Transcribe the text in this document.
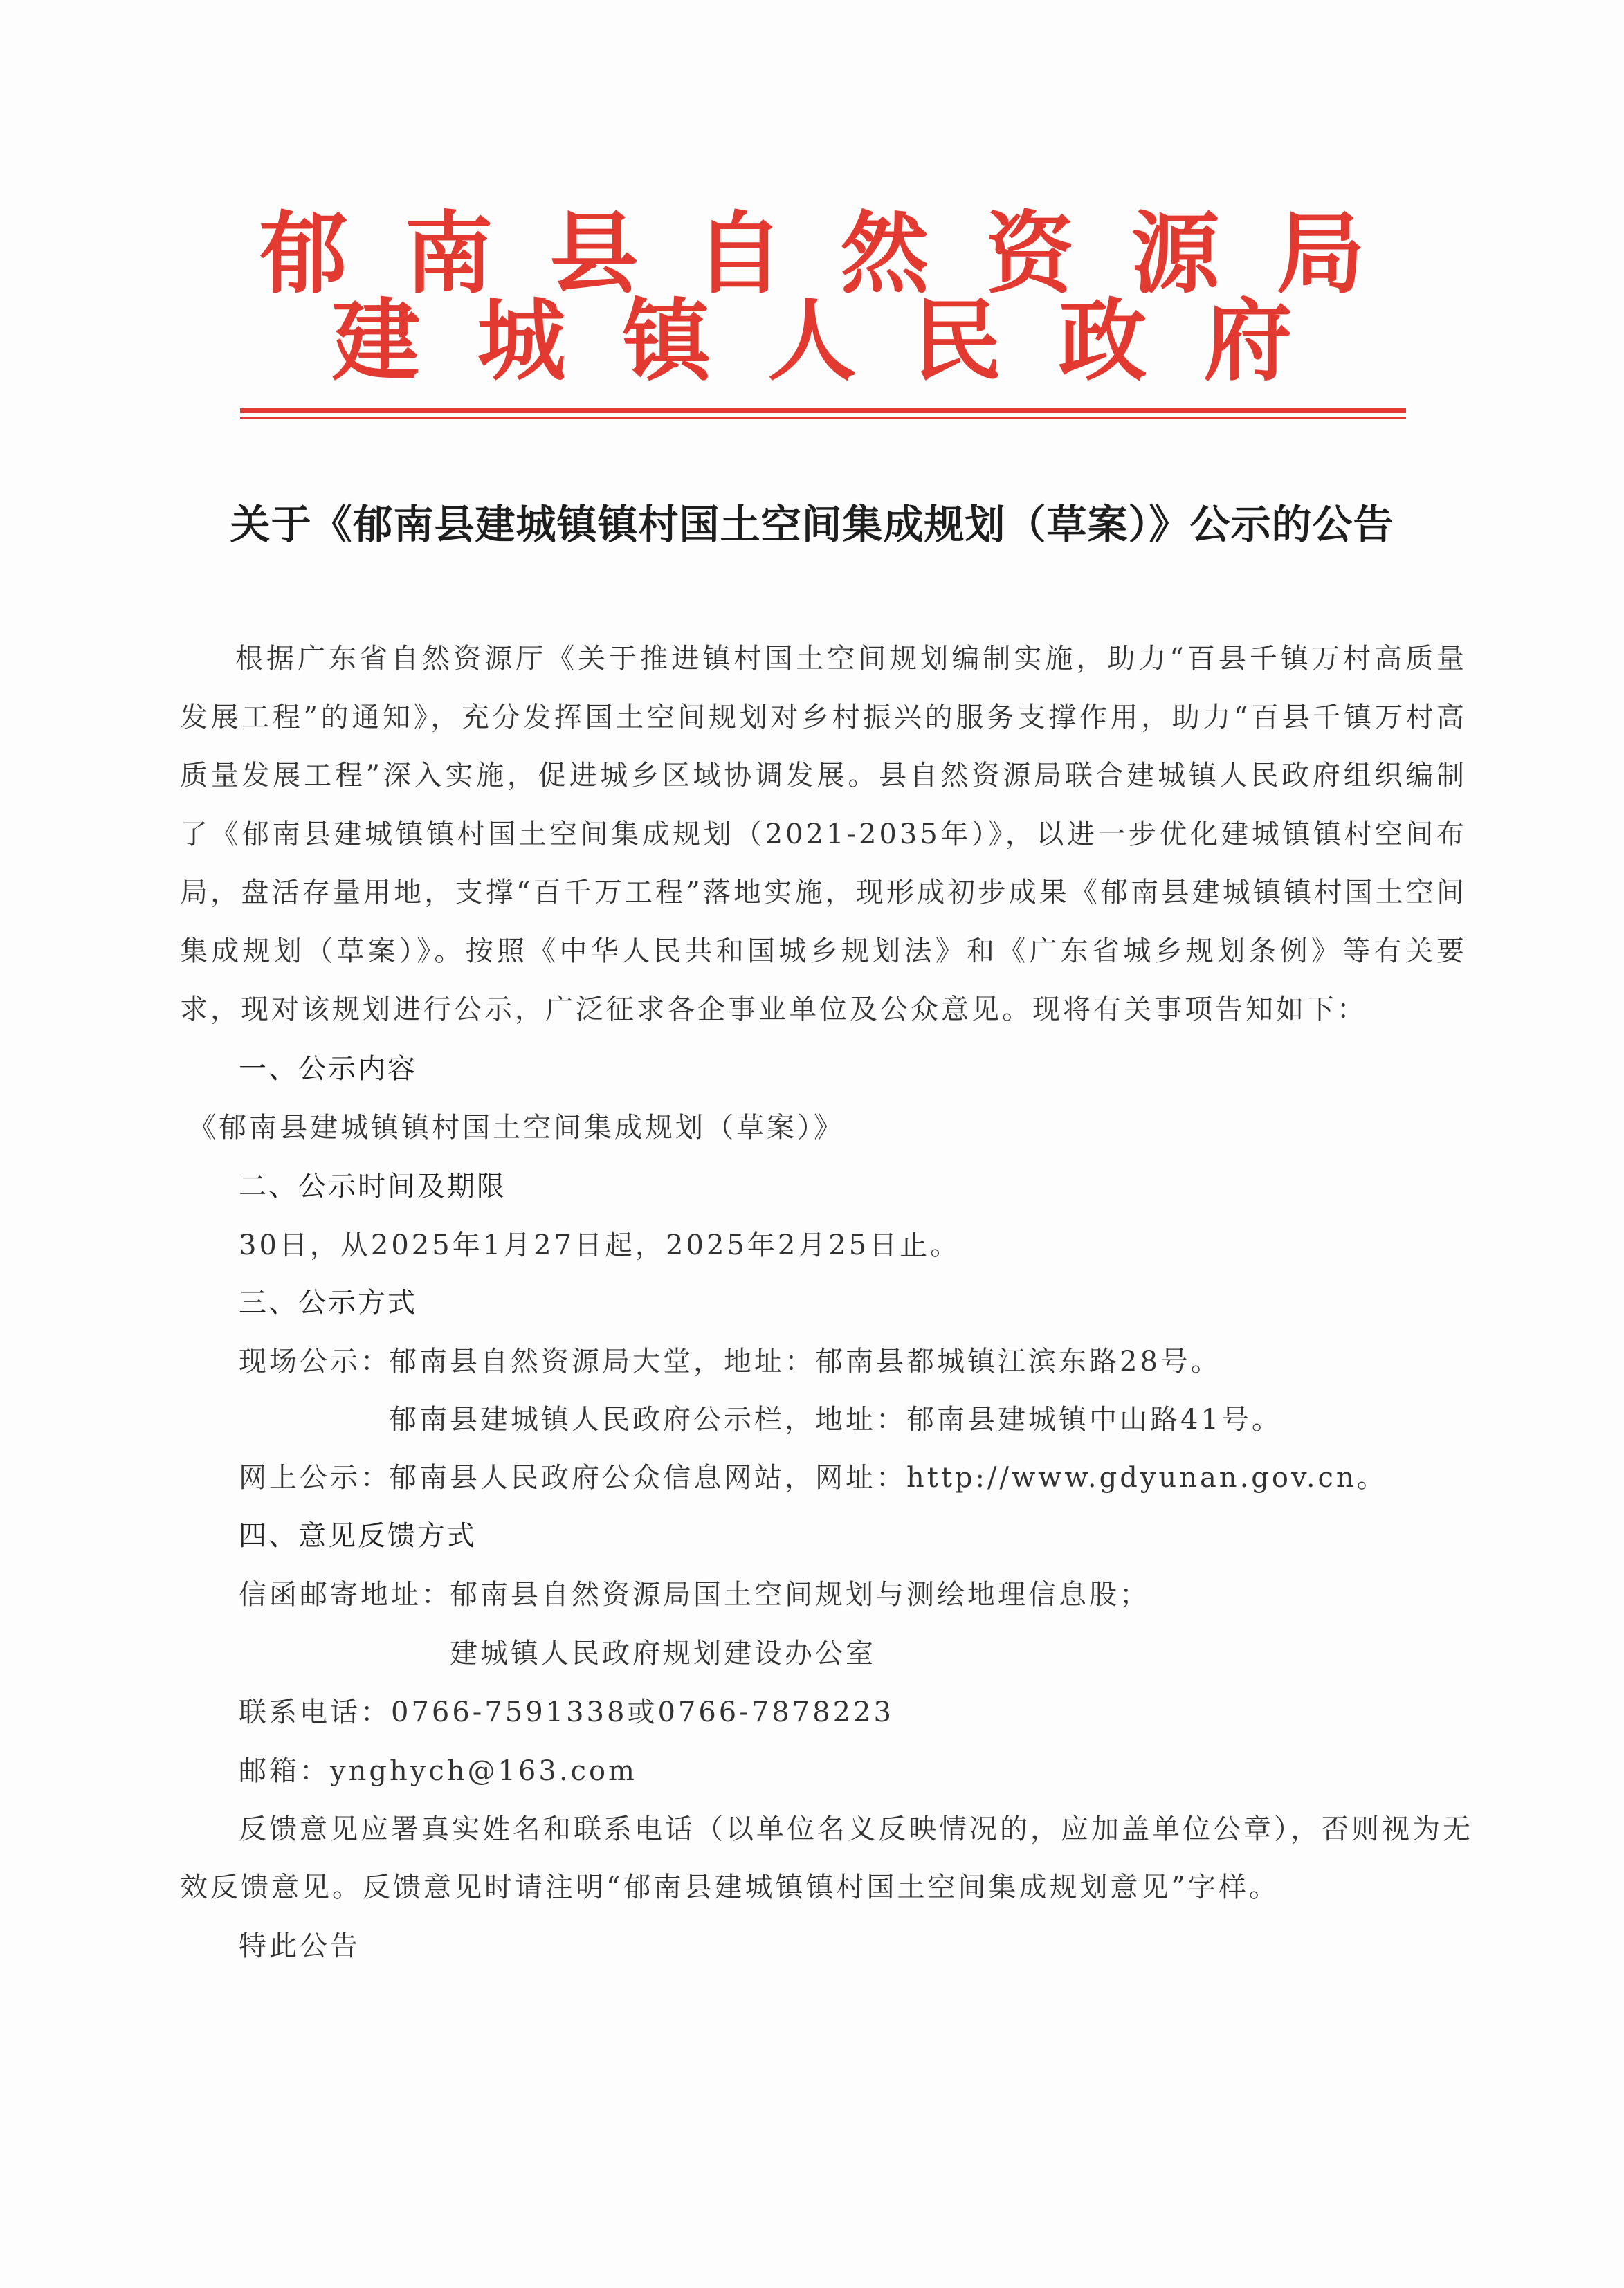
郁南县自然资源局
建城镇人民政府
关于《郁南县建城镇镇村国土空间集成规划（草案）》公示的公告

根据广东省自然资源厅《关于推进镇村国土空间规划编制实施，助力“百县千镇万村高质量发展工程”的通知》，充分发挥国土空间规划对乡村振兴的服务支撑作用，助力“百县千镇万村高质量发展工程”深入实施，促进城乡区域协调发展。县自然资源局联合建城镇人民政府组织编制了《郁南县建城镇镇村国土空间集成规划（2021-2035年）》，以进一步优化建城镇镇村空间布局，盘活存量用地，支撑“百千万工程”落地实施，现形成初步成果《郁南县建城镇镇村国土空间集成规划（草案）》。按照《中华人民共和国城乡规划法》和《广东省城乡规划条例》等有关要求，现对该规划进行公示，广泛征求各企事业单位及公众意见。现将有关事项告知如下：

一、公示内容
《郁南县建城镇镇村国土空间集成规划（草案）》
二、公示时间及期限
30日，从2025年1月27日起，2025年2月25日止。
三、公示方式
现场公示：
郁南县自然资源局大堂，地址：郁南县都城镇江滨东路28号。
郁南县建城镇人民政府公示栏，地址：郁南县建城镇中山路41号。
网上公示：
郁南县人民政府公众信息网站，网址：http://www.gdyunan.gov.cn。
四、意见反馈方式
信函邮寄地址：
郁南县自然资源局国土空间规划与测绘地理信息股；
建城镇人民政府规划建设办公室
联系电话：0766-7591338或0766-7878223
邮箱：ynghych@163.com
反馈意见应署真实姓名和联系电话（以单位名义反映情况的，应加盖单位公章），否则视为无
效反馈意见。反馈意见时请注明“郁南县建城镇镇村国土空间集成规划意见”字样。
特此公告
